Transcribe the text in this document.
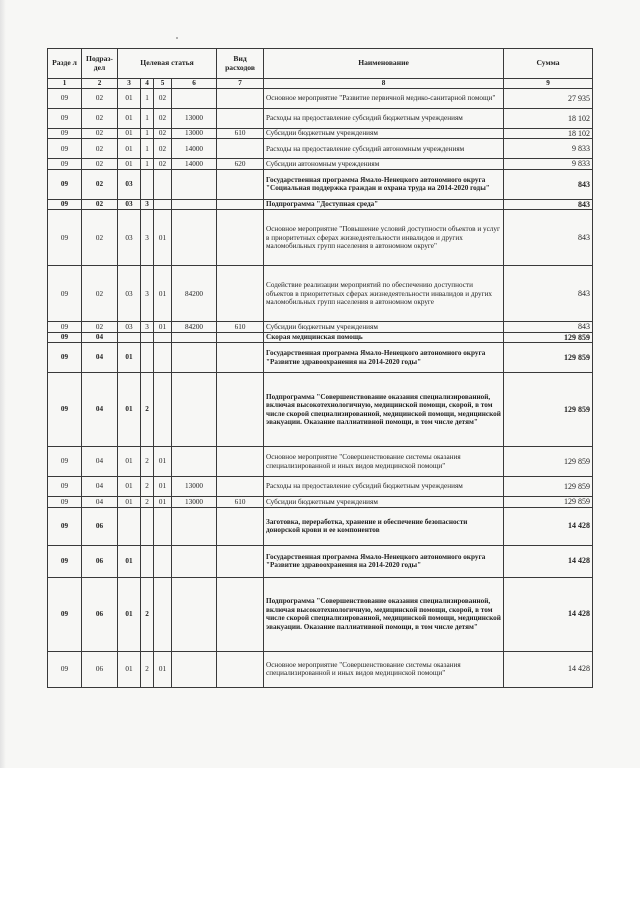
Разде л	Подраз- дел	Целевая статья				Вид расходов	Наименование	Сумма
1	2	3	4	5	6	7	8	9
09	02	01	1	02			Основное мероприятие "Развитие первичной медико-санитарной помощи"	27 935
09	02	01	1	02	13000		Расходы на предоставление субсидий бюджетным учреждениям	18 102
09	02	01	1	02	13000	610	Субсидии бюджетным учреждениям	18 102
09	02	01	1	02	14000		Расходы на предоставление субсидий автономным учреждениям	9 833
09	02	01	1	02	14000	620	Субсидии автономным учреждениям	9 833
09	02	03					Государственная программа Ямало-Ненецкого автономного округа "Социальная поддержка граждан и охрана труда на 2014-2020 годы"	843
09	02	03	3				Подпрограмма "Доступная среда"	843
09	02	03	3	01			Основное мероприятие "Повышение условий доступности объектов и услуг в приоритетных сферах жизнедеятельности инвалидов и других маломобильных групп населения в автономном округе"	843
09	02	03	3	01	84200		Содействие реализации мероприятий по обеспечению доступности объектов в приоритетных сферах жизнедеятельности инвалидов и других маломобильных групп населения в автономном округе	843
09	02	03	3	01	84200	610	Субсидии бюджетным учреждениям	843
09	04						Скорая медицинская помощь	129 859
09	04	01					Государственная программа Ямало-Ненецкого автономного округа "Развитие здравоохранения на 2014-2020 годы"	129 859
09	04	01	2				Подпрограмма "Совершенствование оказания специализированной, включая высокотехнологичную, медицинской помощи, скорой, в том числе скорой специализированной, медицинской помощи, медицинской эвакуации. Оказание паллиативной помощи, в том числе детям"	129 859
09	04	01	2	01			Основное мероприятие "Совершенствование системы оказания специализированной и иных видов медицинской помощи"	129 859
09	04	01	2	01	13000		Расходы на предоставление субсидий бюджетным учреждениям	129 859
09	04	01	2	01	13000	610	Субсидии бюджетным учреждениям	129 859
09	06						Заготовка, переработка, хранение и обеспечение безопасности донорской крови и ее компонентов	14 428
09	06	01					Государственная программа Ямало-Ненецкого автономного округа "Развитие здравоохранения на 2014-2020 годы"	14 428
09	06	01	2				Подпрограмма "Совершенствование оказания специализированной, включая высокотехнологичную, медицинской помощи, скорой, в том числе скорой специализированной, медицинской помощи, медицинской эвакуации. Оказание паллиативной помощи, в том числе детям"	14 428
09	06	01	2	01			Основное мероприятие "Совершенствование системы оказания специализированной и иных видов медицинской помощи"	14 428
